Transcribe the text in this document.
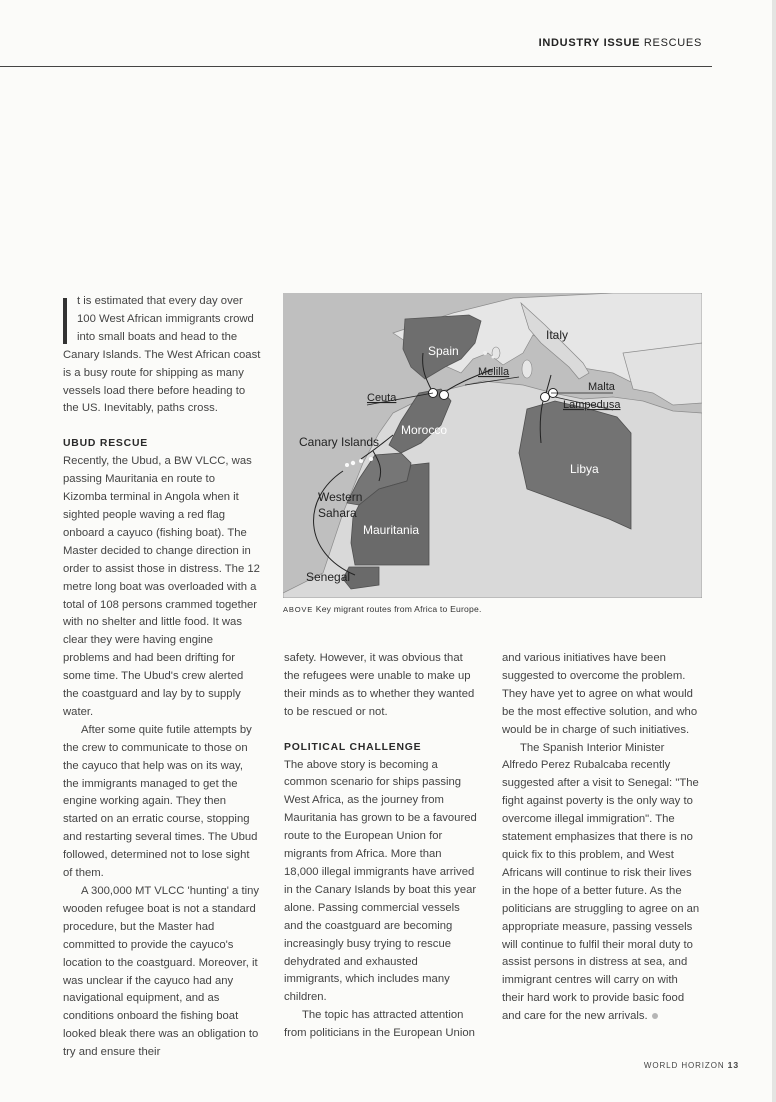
INDUSTRY ISSUE RESCUES

t is estimated that every day over

100 West African immigrants crowd

into small boats and head to the

Canary Islands. The West African coast is a busy route for shipping as many vessels load there before heading to the US. Inevitably, paths cross.

UBUD RESCUE

Recently, the Ubud, a BW VLCC, was passing Mauritania en route to Kizomba terminal in Angola when it sighted people waving a red flag onboard a cayuco (fishing boat). The Master decided to change direction in order to assist those in distress. The 12 metre long boat was overloaded with a total of 108 persons crammed together with no shelter and little food. It was clear they were having engine problems and had been drifting for some time. The Ubud's crew alerted the coastguard and lay by to supply water.

After some quite futile attempts by the crew to communicate to those on the cayuco that help was on its way, the immigrants managed to get the engine working again. They then started on an erratic course, stopping and restarting several times. The Ubud followed, determined not to lose sight of them.

A 300,000 MT VLCC 'hunting' a tiny wooden refugee boat is not a standard procedure, but the Master had committed to provide the cayuco's location to the coastguard. Moreover, it was unclear if the cayuco had any navigational equipment, and as conditions onboard the fishing boat looked bleak there was an obligation to try and ensure their

Spain
Italy
Melilla
Ceuta
Malta
Lampedusa
Morocco
Canary Islands
Libya
Western
Sahara
Mauritania
Senegal
ABOVE Key migrant routes from Africa to Europe.

safety. However, it was obvious that the refugees were unable to make up their minds as to whether they wanted to be rescued or not.

POLITICAL CHALLENGE

The above story is becoming a common scenario for ships passing West Africa, as the journey from Mauritania has grown to be a favoured route to the European Union for migrants from Africa. More than 18,000 illegal immigrants have arrived in the Canary Islands by boat this year alone. Passing commercial vessels and the coastguard are becoming increasingly busy trying to rescue dehydrated and exhausted immigrants, which includes many children.

The topic has attracted attention from politicians in the European Union

and various initiatives have been suggested to overcome the problem. They have yet to agree on what would be the most effective solution, and who would be in charge of such initiatives.

The Spanish Interior Minister Alfredo Perez Rubalcaba recently suggested after a visit to Senegal: "The fight against poverty is the only way to overcome illegal immigration". The statement emphasizes that there is no quick fix to this problem, and West Africans will continue to risk their lives in the hope of a better future. As the politicians are struggling to agree on an appropriate measure, passing vessels will continue to fulfil their moral duty to assist persons in distress at sea, and immigrant centres will carry on with their hard work to provide basic food and care for the new arrivals.

WORLD HORIZON 13
